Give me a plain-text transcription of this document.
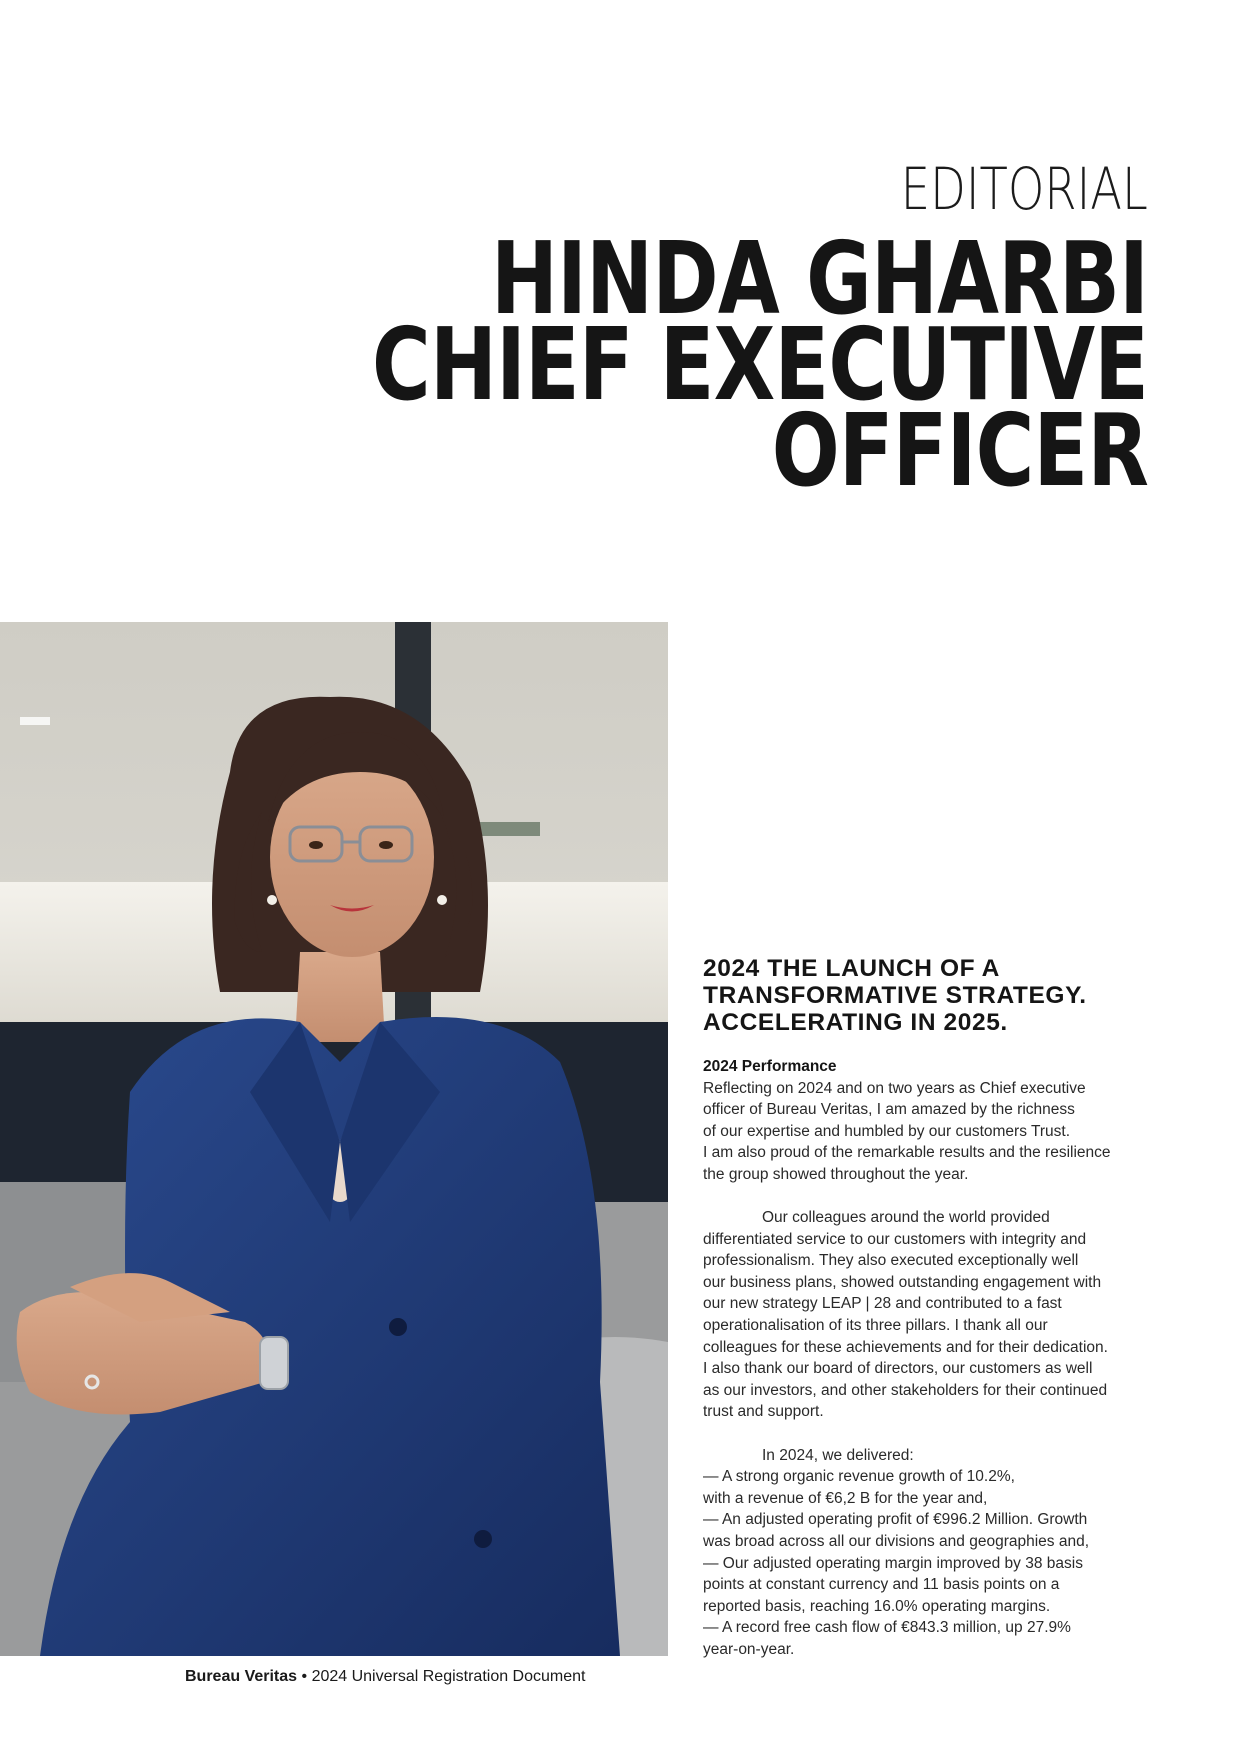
EDITORIAL
HINDA GHARBI
CHIEF EXECUTIVE
OFFICER
2024 THE LAUNCH OF A
TRANSFORMATIVE STRATEGY.
ACCELERATING IN 2025.
2024 Performance

Reflecting on 2024 and on two years as Chief executive
officer of Bureau Veritas, I am amazed by the richness
of our expertise and humbled by our customers Trust.
I am also proud of the remarkable results and the resilience
the group showed throughout the year.

Our colleagues around the world provided
differentiated service to our customers with integrity and
professionalism. They also executed exceptionally well
our business plans, showed outstanding engagement with
our new strategy LEAP | 28 and contributed to a fast
operationalisation of its three pillars. I thank all our
colleagues for these achievements and for their dedication.
I also thank our board of directors, our customers as well
as our investors, and other stakeholders for their continued
trust and support.

In 2024, we delivered:
— A strong organic revenue growth of 10.2%,
with a revenue of €6,2 B for the year and,
— An adjusted operating profit of €996.2 Million. Growth
was broad across all our divisions and geographies and,
— Our adjusted operating margin improved by 38 basis
points at constant currency and 11 basis points on a
reported basis, reaching 16.0% operating margins.
— A record free cash flow of €843.3 million, up 27.9%
year-on-year.

Bureau Veritas • 2024 Universal Registration Document
